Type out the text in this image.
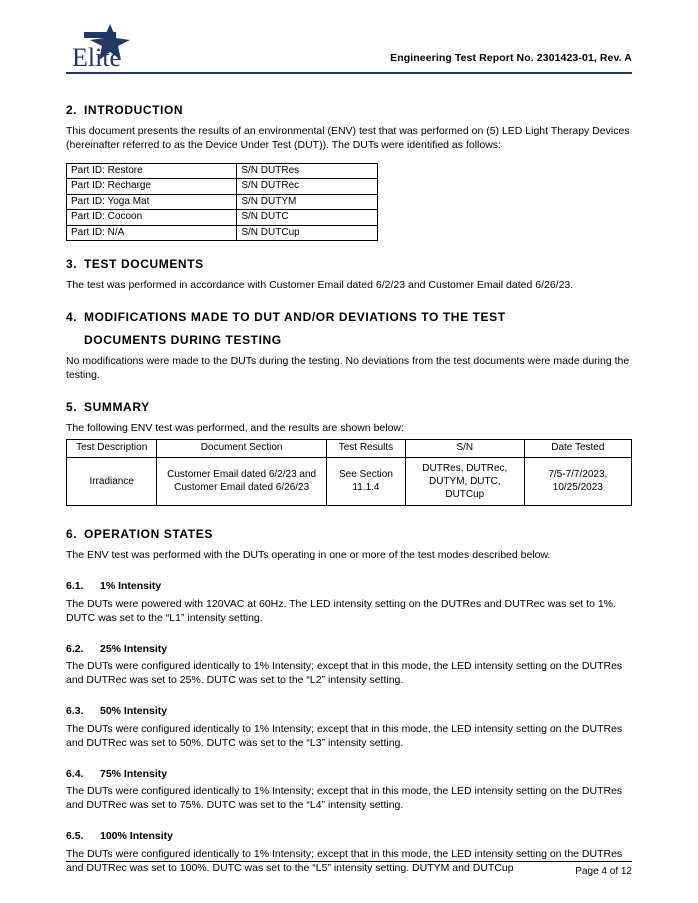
Elite	Engineering Test Report No. 2301423-01, Rev. A
2. INTRODUCTION

This document presents the results of an environmental (ENV) test that was performed on (5) LED Light Therapy Devices (hereinafter referred to as the Device Under Test (DUT)). The DUTs were identified as follows:

Part ID: Restore	S/N DUTRes
Part ID: Recharge	S/N DUTRec
Part ID: Yoga Mat	S/N DUTYM
Part ID: Cocoon	S/N DUTC
Part ID: N/A	S/N DUTCup
3. TEST DOCUMENTS

The test was performed in accordance with Customer Email dated 6/2/23 and Customer Email dated 6/26/23.

4. MODIFICATIONS MADE TO DUT AND/OR DEVIATIONS TO THE TEST
DOCUMENTS DURING TESTING

No modifications were made to the DUTs during the testing. No deviations from the test documents were made during the testing.

5. SUMMARY

The following ENV test was performed, and the results are shown below:

Test Description	Document Section	Test Results	S/N	Date Tested
Irradiance	Customer Email dated 6/2/23 and Customer Email dated 6/26/23	See Section 11.1.4	DUTRes, DUTRec, DUTYM, DUTC, DUTCup	7/5-7/7/2023, 10/25/2023
6. OPERATION STATES

The ENV test was performed with the DUTs operating in one or more of the test modes described below.

6.1. 1% Intensity

The DUTs were powered with 120VAC at 60Hz. The LED intensity setting on the DUTRes and DUTRec was set to 1%. DUTC was set to the “L1” intensity setting.

6.2. 25% Intensity

The DUTs were configured identically to 1% Intensity; except that in this mode, the LED intensity setting on the DUTRes and DUTRec was set to 25%. DUTC was set to the “L2” intensity setting.

6.3. 50% Intensity

The DUTs were configured identically to 1% Intensity; except that in this mode, the LED intensity setting on the DUTRes and DUTRec was set to 50%. DUTC was set to the “L3” intensity setting.

6.4. 75% Intensity

The DUTs were configured identically to 1% Intensity; except that in this mode, the LED intensity setting on the DUTRes and DUTRec was set to 75%. DUTC was set to the “L4” intensity setting.

6.5. 100% Intensity

The DUTs were configured identically to 1% Intensity; except that in this mode, the LED intensity setting on the DUTRes and DUTRec was set to 100%. DUTC was set to the “L5” intensity setting. DUTYM and DUTCup	Page 4 of 12
